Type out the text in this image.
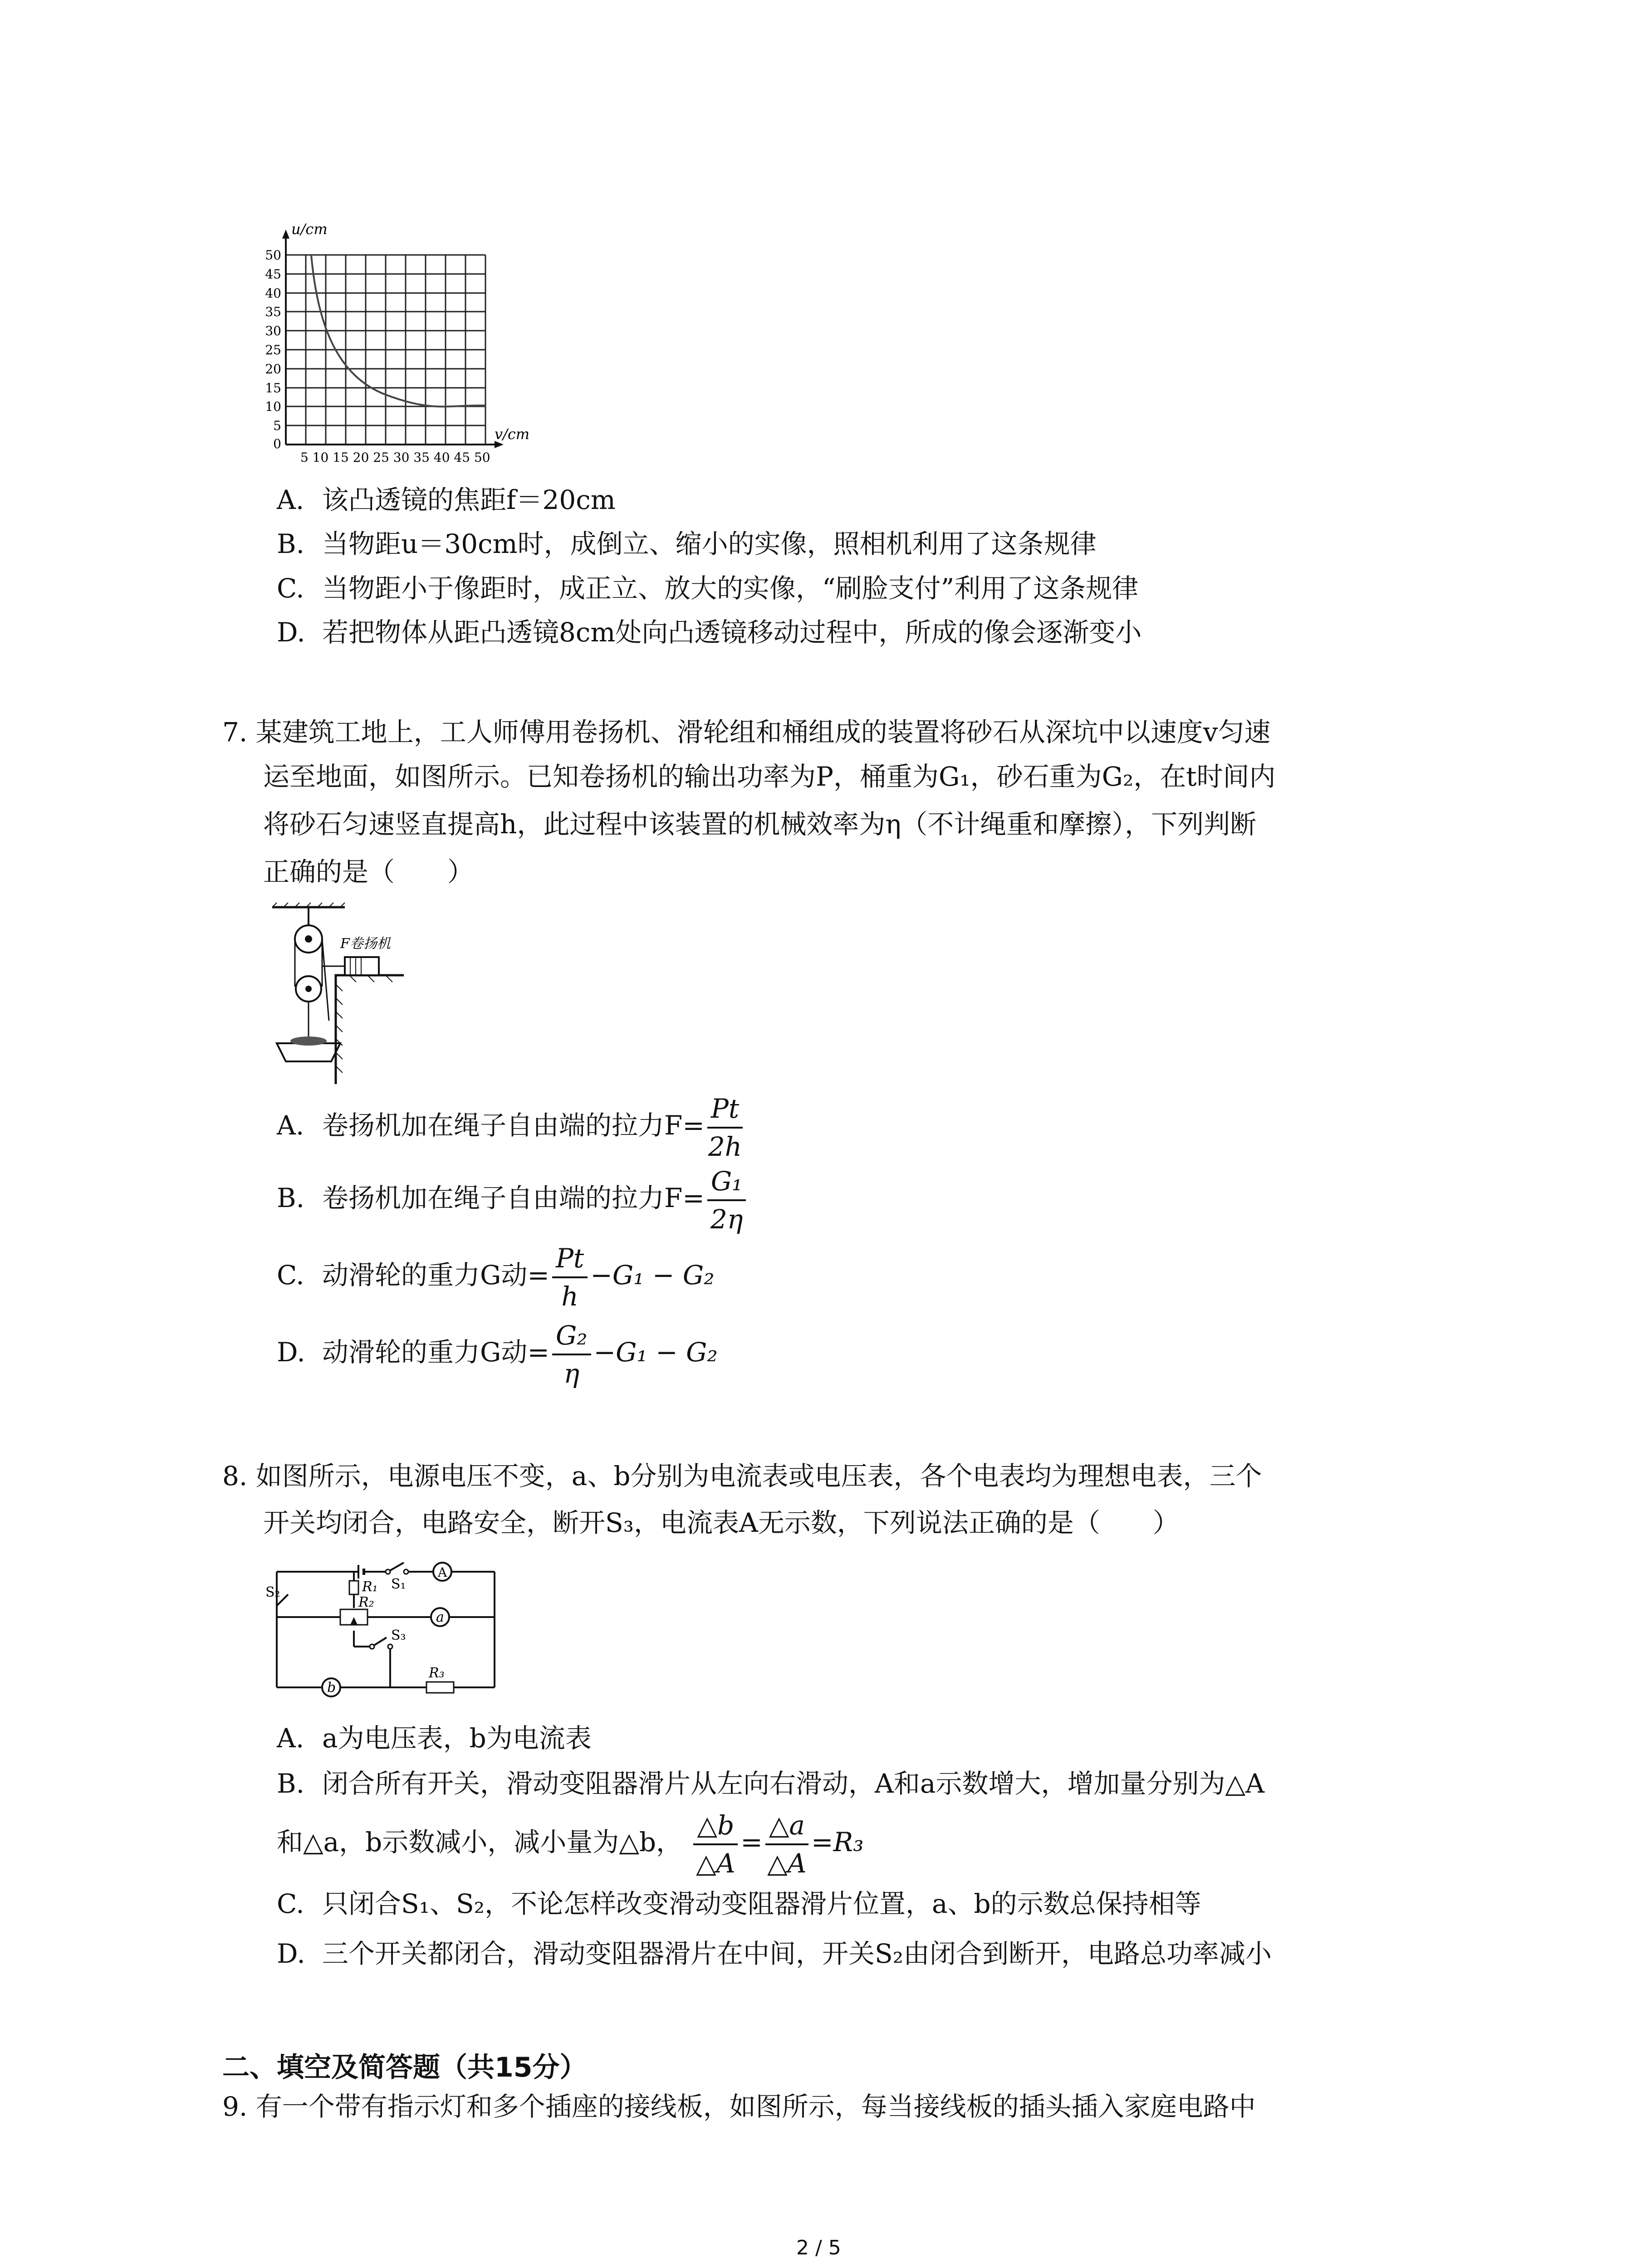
u/cm
v/cm
50
45
40
35
30
25
20
15
10
5
0
5 10 15 20 25 30 35 40 45 50
A. 该凸透镜的焦距f＝20cm
B. 当物距u＝30cm时，成倒立、缩小的实像，照相机利用了这条规律
C. 当物距小于像距时，成正立、放大的实像，“刷脸支付”利用了这条规律
D. 若把物体从距凸透镜8cm处向凸透镜移动过程中，所成的像会逐渐变小
7. 某建筑工地上，工人师傅用卷扬机、滑轮组和桶组成的装置将砂石从深坑中以速度v匀速
运至地面，如图所示。已知卷扬机的输出功率为P，桶重为G₁，砂石重为G₂，在t时间内
将砂石匀速竖直提高h，此过程中该装置的机械效率为η（不计绳重和摩擦），下列判断
正确的是（　　）
F卷扬机
A. 卷扬机加在绳子自由端的拉力$F= \frac{Pt}{2h}$
B. 卷扬机加在绳子自由端的拉力$F= \frac{\text{G₁}}{2\eta}$
C. 动滑轮的重力G动= $\frac{Pt}{h} -G_1 - G_2$
D. 动滑轮的重力G动= $\frac{\text{G₂}}{\eta} -G_1 - G_2$
8. 如图所示，电源电压不变，a、b分别为电流表或电压表，各个电表均为理想电表，三个
开关均闭合，电路安全，断开S₃，电流表A无示数，下列说法正确的是（　　）
S₁
A
S₂	R₁
R₂
a
S₃
b
R₃
A. a为电压表，b为电流表
B. 闭合所有开关，滑动变阻器滑片从左向右滑动，A和a示数增大，增加量分别为△A
和△a，b示数减小，减小量为△b， $\frac{\triangle b}{\triangle A} = \frac{\triangle a}{\triangle A} =R_3$
C. 只闭合S₁、S₂，不论怎样改变滑动变阻器滑片位置，a、b的示数总保持相等
D. 三个开关都闭合，滑动变阻器滑片在中间，开关S₂由闭合到断开，电路总功率减小
二、填空及简答题（共15分）
9. 有一个带有指示灯和多个插座的接线板，如图所示，每当接线板的插头插入家庭电路中
2 / 5
